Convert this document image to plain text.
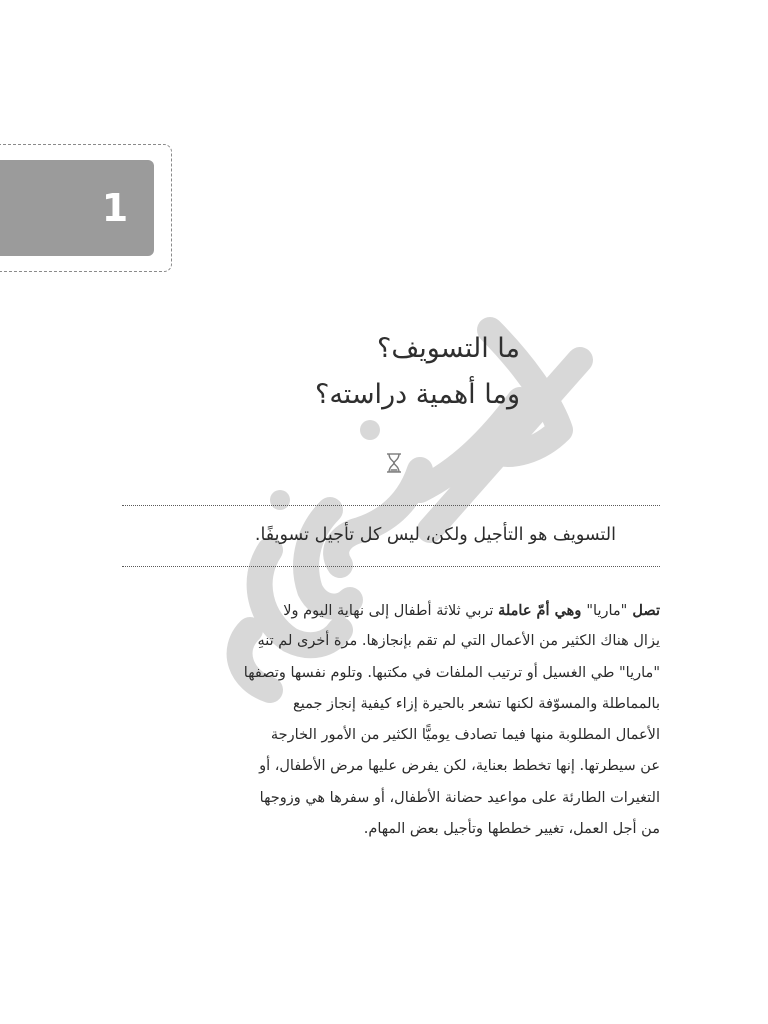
1
ما التسويف؟
وما أهمية دراسته؟
التسويف هو التأجيل ولكن، ليس كل تأجيل تسويفًا.
تصل "ماريا" وهي أمّ عاملة تربي ثلاثة أطفال إلى نهاية اليوم ولا
يزال هناك الكثير من الأعمال التي لم تقم بإنجازها. مرة أخرى لم تنهِ
"ماريا" طي الغسيل أو ترتيب الملفات في مكتبها. وتلوم نفسها وتصفها
بالمماطلة والمسوّفة لكنها تشعر بالحيرة إزاء كيفية إنجاز جميع
الأعمال المطلوبة منها فيما تصادف يوميًّا الكثير من الأمور الخارجة
عن سيطرتها. إنها تخطط بعناية، لكن يفرض عليها مرض الأطفال، أو
التغيرات الطارئة على مواعيد حضانة الأطفال، أو سفرها هي وزوجها
من أجل العمل، تغيير خططها وتأجيل بعض المهام.
